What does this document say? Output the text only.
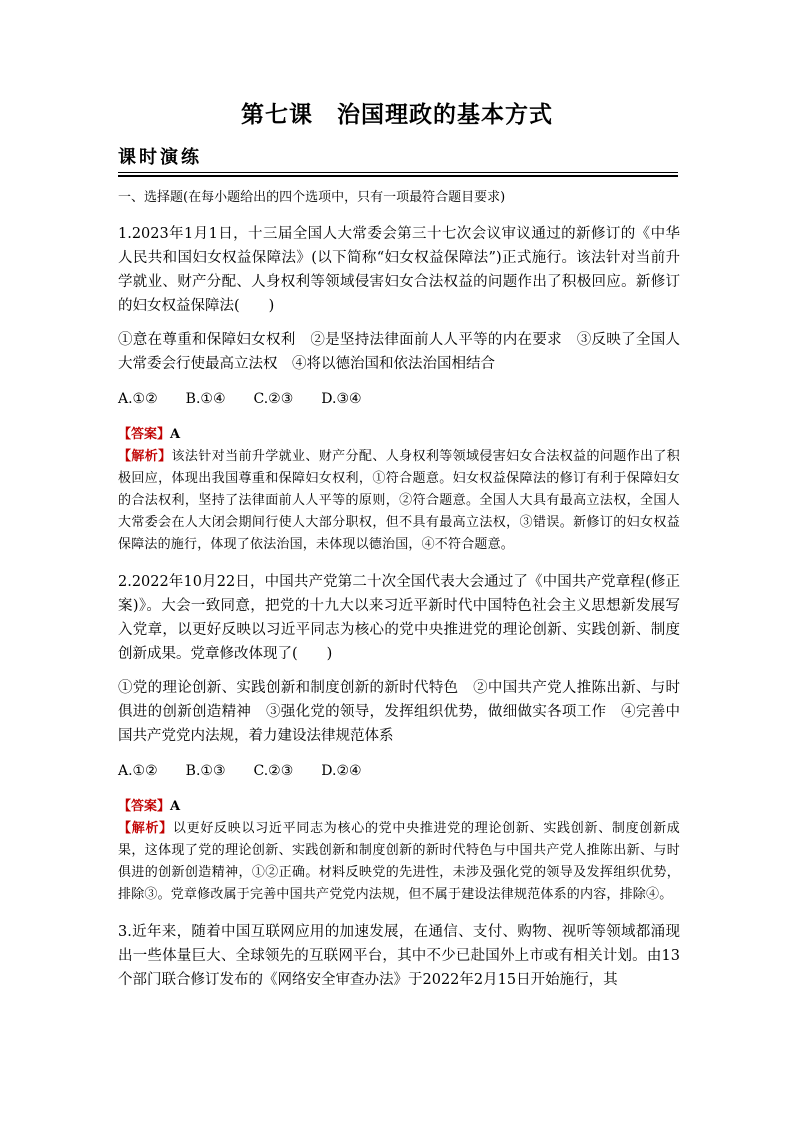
第七课　治国理政的基本方式
课时演练

一、选择题(在每小题给出的四个选项中，只有一项最符合题目要求)

1.2023年1月1日，十三届全国人大常委会第三十七次会议审议通过的新修订的《中华人民共和国妇女权益保障法》(以下简称“妇女权益保障法”)正式施行。该法针对当前升学就业、财产分配、人身权利等领域侵害妇女合法权益的问题作出了积极回应。新修订的妇女权益保障法(　　)

①意在尊重和保障妇女权利　②是坚持法律面前人人平等的内在要求　③反映了全国人大常委会行使最高立法权　④将以德治国和依法治国相结合

A.①② B.①④ C.②③ D.③④

【答案】A

【解析】该法针对当前升学就业、财产分配、人身权利等领域侵害妇女合法权益的问题作出了积极回应，体现出我国尊重和保障妇女权利，①符合题意。妇女权益保障法的修订有利于保障妇女的合法权利，坚持了法律面前人人平等的原则，②符合题意。全国人大具有最高立法权，全国人大常委会在人大闭会期间行使人大部分职权，但不具有最高立法权，③错误。新修订的妇女权益保障法的施行，体现了依法治国，未体现以德治国，④不符合题意。

2.2022年10月22日，中国共产党第二十次全国代表大会通过了《中国共产党章程(修正案)》。大会一致同意，把党的十九大以来习近平新时代中国特色社会主义思想新发展写入党章，以更好反映以习近平同志为核心的党中央推进党的理论创新、实践创新、制度创新成果。党章修改体现了(　　)

①党的理论创新、实践创新和制度创新的新时代特色　②中国共产党人推陈出新、与时俱进的创新创造精神　③强化党的领导，发挥组织优势，做细做实各项工作　④完善中国共产党党内法规，着力建设法律规范体系

A.①② B.①③ C.②③ D.②④

【答案】A

【解析】以更好反映以习近平同志为核心的党中央推进党的理论创新、实践创新、制度创新成果，这体现了党的理论创新、实践创新和制度创新的新时代特色与中国共产党人推陈出新、与时俱进的创新创造精神，①②正确。材料反映党的先进性，未涉及强化党的领导及发挥组织优势，排除③。党章修改属于完善中国共产党党内法规，但不属于建设法律规范体系的内容，排除④。

3.近年来，随着中国互联网应用的加速发展，在通信、支付、购物、视听等领域都涌现出一些体量巨大、全球领先的互联网平台，其中不少已赴国外上市或有相关计划。由13个部门联合修订发布的《网络安全审查办法》于2022年2月15日开始施行，其
